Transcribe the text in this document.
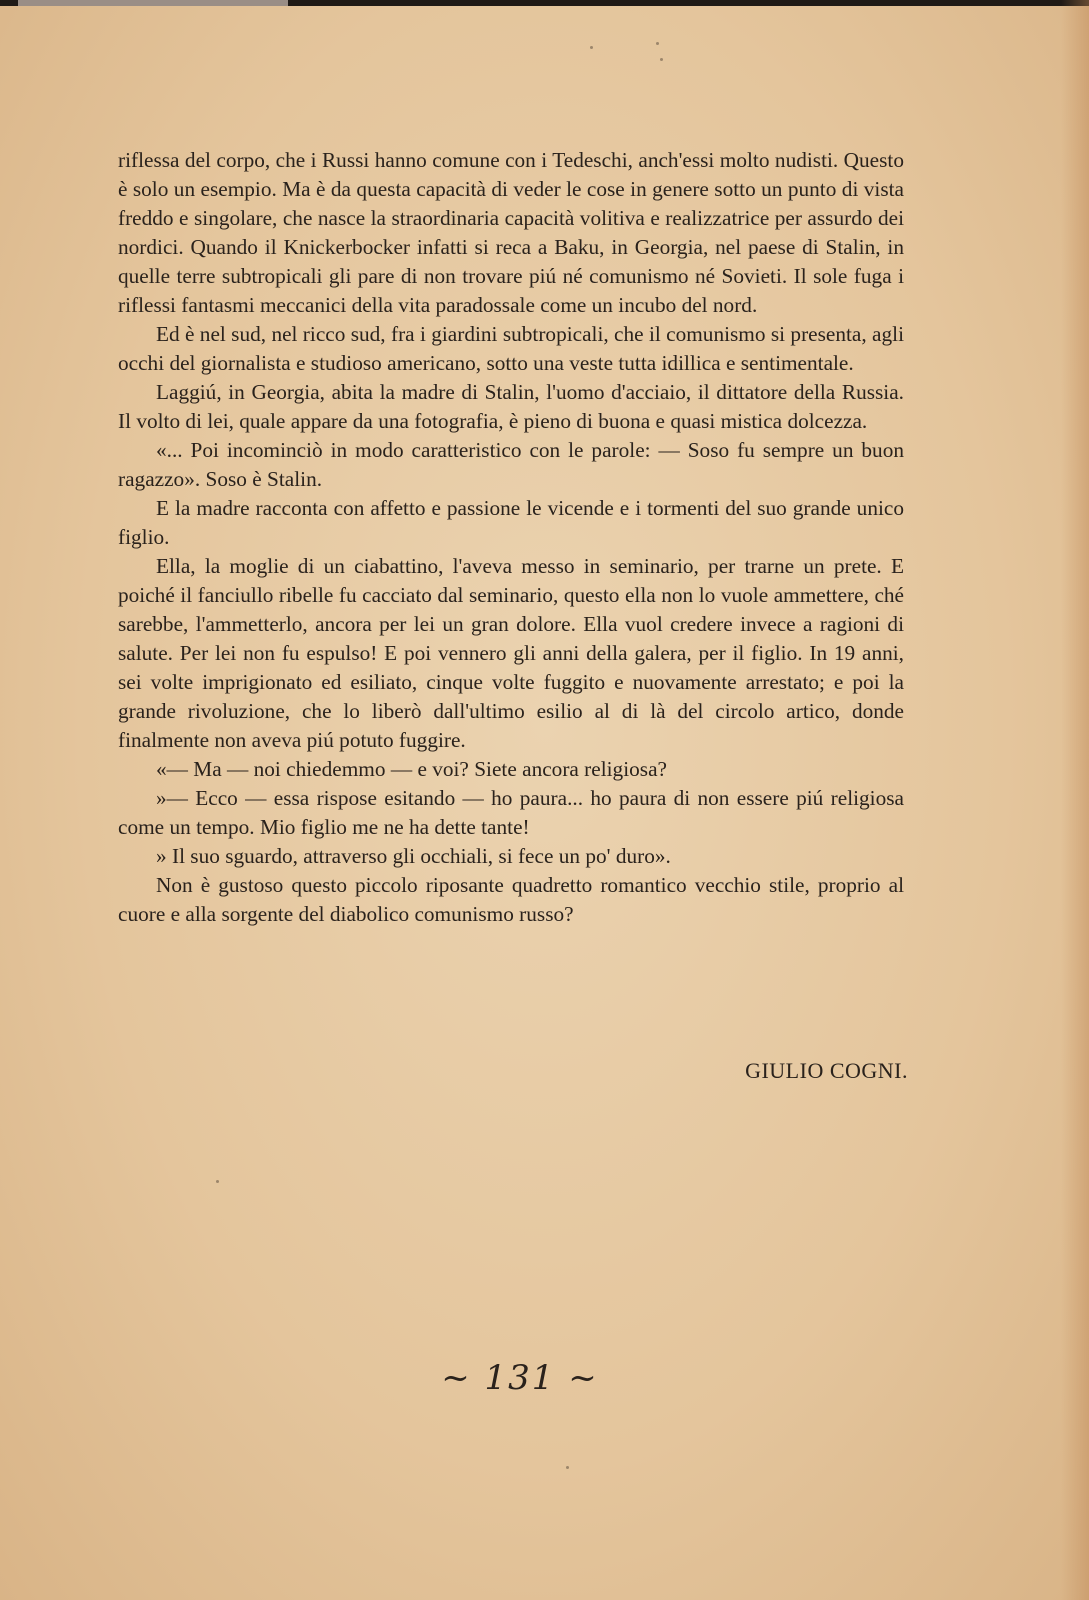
riflessa del corpo, che i Russi hanno comune con i Tedeschi, anch'essi molto nudisti. Questo è solo un esempio. Ma è da questa capacità di veder le cose in genere sotto un punto di vista freddo e singolare, che nasce la straordinaria capacità volitiva e realizzatrice per assurdo dei nordici. Quando il Knickerbocker infatti si reca a Baku, in Georgia, nel paese di Stalin, in quelle terre subtropicali gli pare di non trovare piú né comunismo né Sovieti. Il sole fuga i riflessi fantasmi meccanici della vita paradossale come un incubo del nord.

Ed è nel sud, nel ricco sud, fra i giardini subtropicali, che il comunismo si presenta, agli occhi del giornalista e studioso americano, sotto una veste tutta idillica e sentimentale.

Laggiú, in Georgia, abita la madre di Stalin, l'uomo d'acciaio, il dittatore della Russia. Il volto di lei, quale appare da una fotografia, è pieno di buona e quasi mistica dolcezza.

«... Poi incominciò in modo caratteristico con le parole: — Soso fu sempre un buon ragazzo». Soso è Stalin.

E la madre racconta con affetto e passione le vicende e i tormenti del suo grande unico figlio.

Ella, la moglie di un ciabattino, l'aveva messo in seminario, per trarne un prete. E poiché il fanciullo ribelle fu cacciato dal seminario, questo ella non lo vuole ammettere, ché sarebbe, l'ammetterlo, ancora per lei un gran dolore. Ella vuol credere invece a ragioni di salute. Per lei non fu espulso! E poi vennero gli anni della galera, per il figlio. In 19 anni, sei volte imprigionato ed esiliato, cinque volte fuggito e nuovamente arrestato; e poi la grande rivoluzione, che lo liberò dall'ultimo esilio al di là del circolo artico, donde finalmente non aveva piú potuto fuggire.

«— Ma — noi chiedemmo — e voi? Siete ancora religiosa?

»— Ecco — essa rispose esitando — ho paura... ho paura di non essere piú religiosa come un tempo. Mio figlio me ne ha dette tante!

» Il suo sguardo, attraverso gli occhiali, si fece un po' duro».

Non è gustoso questo piccolo riposante quadretto romantico vecchio stile, proprio al cuore e alla sorgente del diabolico comunismo russo?

GIULIO COGNI.
~ 131 ~
